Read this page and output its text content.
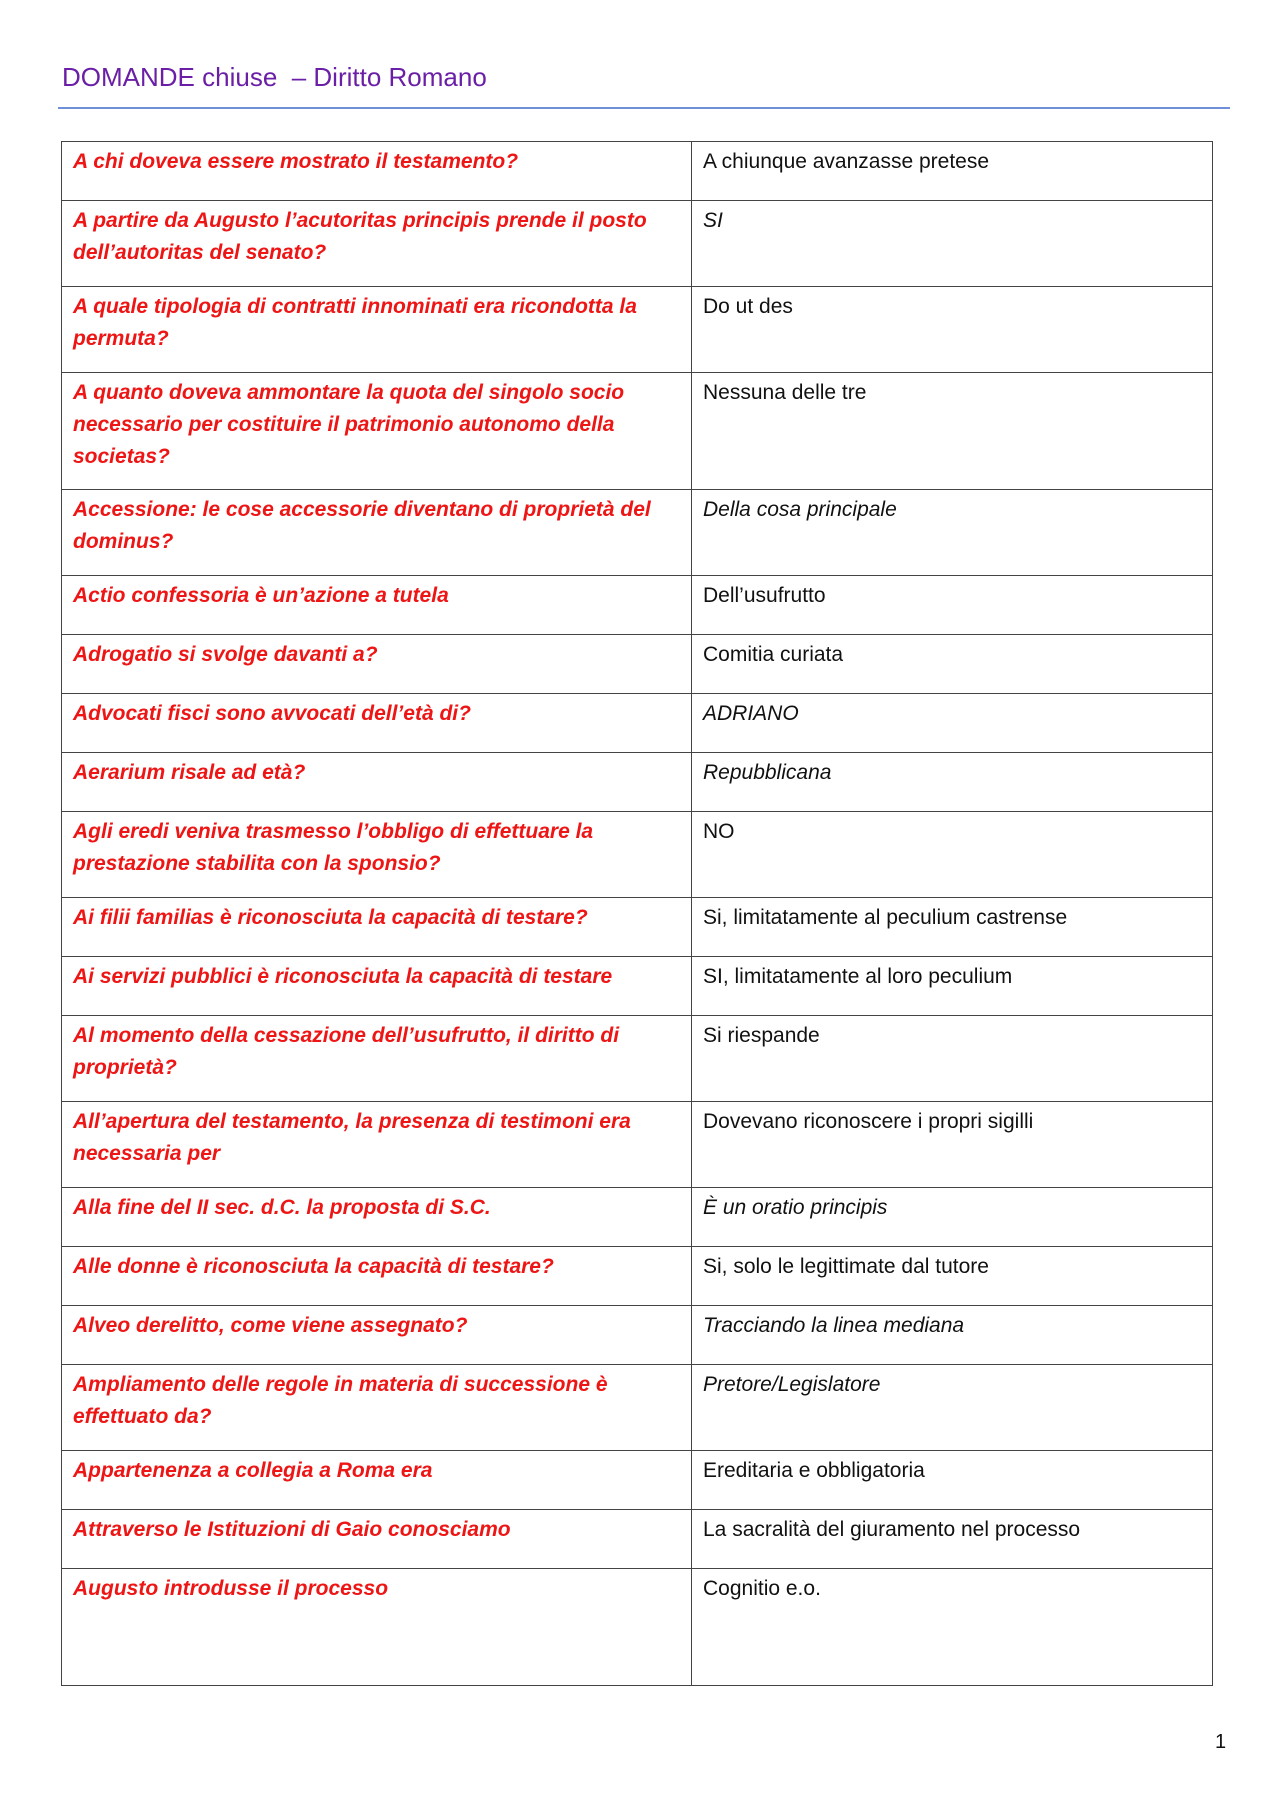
DOMANDE chiuse  – Diritto Romano
A chi doveva essere mostrato il testamento?	A chiunque avanzasse pretese
A partire da Augusto l’acutoritas principis prende il posto dell’autoritas del senato?	SI
A quale tipologia di contratti innominati era ricondotta la permuta?	Do ut des
A quanto doveva ammontare la quota del singolo socio necessario per costituire il patrimonio autonomo della societas?	Nessuna delle tre
Accessione: le cose accessorie diventano di proprietà del dominus?	Della cosa principale
Actio confessoria è un’azione a tutela	Dell’usufrutto
Adrogatio si svolge davanti a?	Comitia curiata
Advocati fisci sono avvocati dell’età di?	ADRIANO
Aerarium risale ad età?	Repubblicana
Agli eredi veniva trasmesso l’obbligo di effettuare la prestazione stabilita con la sponsio?	NO
Ai filii familias è riconosciuta la capacità di testare?	Si, limitatamente al peculium castrense
Ai servizi pubblici è riconosciuta la capacità di testare	SI, limitatamente al loro peculium
Al momento della cessazione dell’usufrutto, il diritto di proprietà?	Si riespande
All’apertura del testamento, la presenza di testimoni era necessaria per	Dovevano riconoscere i propri sigilli
Alla fine del II sec. d.C. la proposta di S.C.	È un oratio principis
Alle donne è riconosciuta la capacità di testare?	Si, solo le legittimate dal tutore
Alveo derelitto, come viene assegnato?	Tracciando la linea mediana
Ampliamento delle regole in materia di successione è effettuato da?	Pretore/Legislatore
Appartenenza a collegia a Roma era	Ereditaria e obbligatoria
Attraverso le Istituzioni di Gaio conosciamo	La sacralità del giuramento nel processo
Augusto introdusse il processo	Cognitio e.o.
1
